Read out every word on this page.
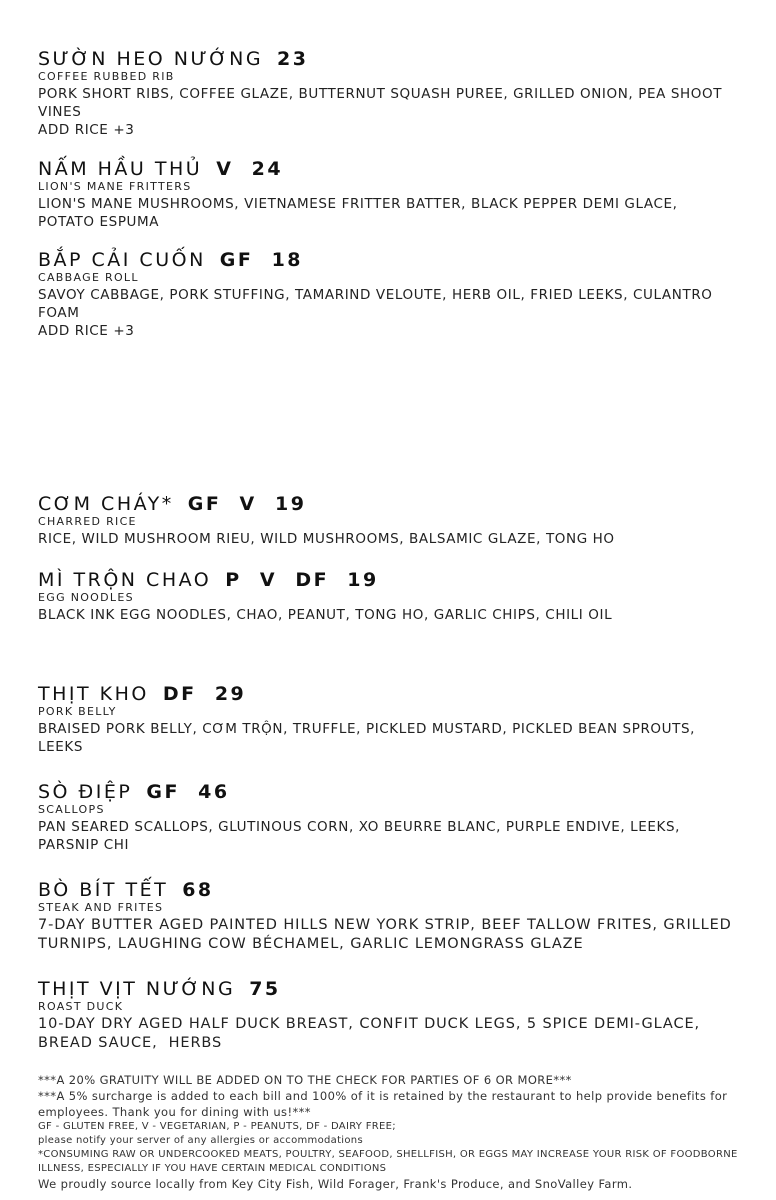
SƯỜN HEO NƯỚNG 23
COFFEE RUBBED RIB
PORK SHORT RIBS, COFFEE GLAZE, BUTTERNUT SQUASH PUREE, GRILLED ONION, PEA SHOOT VINES
ADD RICE +3
NẤM HẦU THỦ V  24
LION'S MANE FRITTERS
LION'S MANE MUSHROOMS, VIETNAMESE FRITTER BATTER, BLACK PEPPER DEMI GLACE, POTATO ESPUMA
BẮP CẢI CUỐN GF  18
CABBAGE ROLL
SAVOY CABBAGE, PORK STUFFING, TAMARIND VELOUTE, HERB OIL, FRIED LEEKS, CULANTRO FOAM
ADD RICE +3
CƠM CHÁY* GF  V  19
CHARRED RICE
RICE, WILD MUSHROOM RIEU, WILD MUSHROOMS, BALSAMIC GLAZE, TONG HO
MÌ TRỘN CHAO P  V  DF  19
EGG NOODLES
BLACK INK EGG NOODLES, CHAO, PEANUT, TONG HO, GARLIC CHIPS, CHILI OIL
THỊT KHO DF  29
PORK BELLY
BRAISED PORK BELLY, CƠM TRỘN, TRUFFLE, PICKLED MUSTARD, PICKLED BEAN SPROUTS, LEEKS
SÒ ĐIỆP GF  46
SCALLOPS
PAN SEARED SCALLOPS, GLUTINOUS CORN, XO BEURRE BLANC, PURPLE ENDIVE, LEEKS, PARSNIP CHI
BÒ BÍT TẾT 68
STEAK AND FRITES
7-DAY BUTTER AGED PAINTED HILLS NEW YORK STRIP, BEEF TALLOW FRITES, GRILLED TURNIPS, LAUGHING COW BÉCHAMEL, GARLIC LEMONGRASS GLAZE
THỊT VỊT NƯỚNG 75
ROAST DUCK
10-DAY DRY AGED HALF DUCK BREAST, CONFIT DUCK LEGS, 5 SPICE DEMI-GLACE, BREAD SAUCE,  HERBS
***A 20% GRATUITY WILL BE ADDED ON TO THE CHECK FOR PARTIES OF 6 OR MORE***
***A 5% surcharge is added to each bill and 100% of it is retained by the restaurant to help provide benefits for employees. Thank you for dining with us!***
GF - GLUTEN FREE, V - VEGETARIAN, P - PEANUTS, DF - DAIRY FREE;
please notify your server of any allergies or accommodations
*CONSUMING RAW OR UNDERCOOKED MEATS, POULTRY, SEAFOOD, SHELLFISH, OR EGGS MAY INCREASE YOUR RISK OF FOODBORNE ILLNESS, ESPECIALLY IF YOU HAVE CERTAIN MEDICAL CONDITIONS
We proudly source locally from Key City Fish, Wild Forager, Frank's Produce, and SnoValley Farm.
